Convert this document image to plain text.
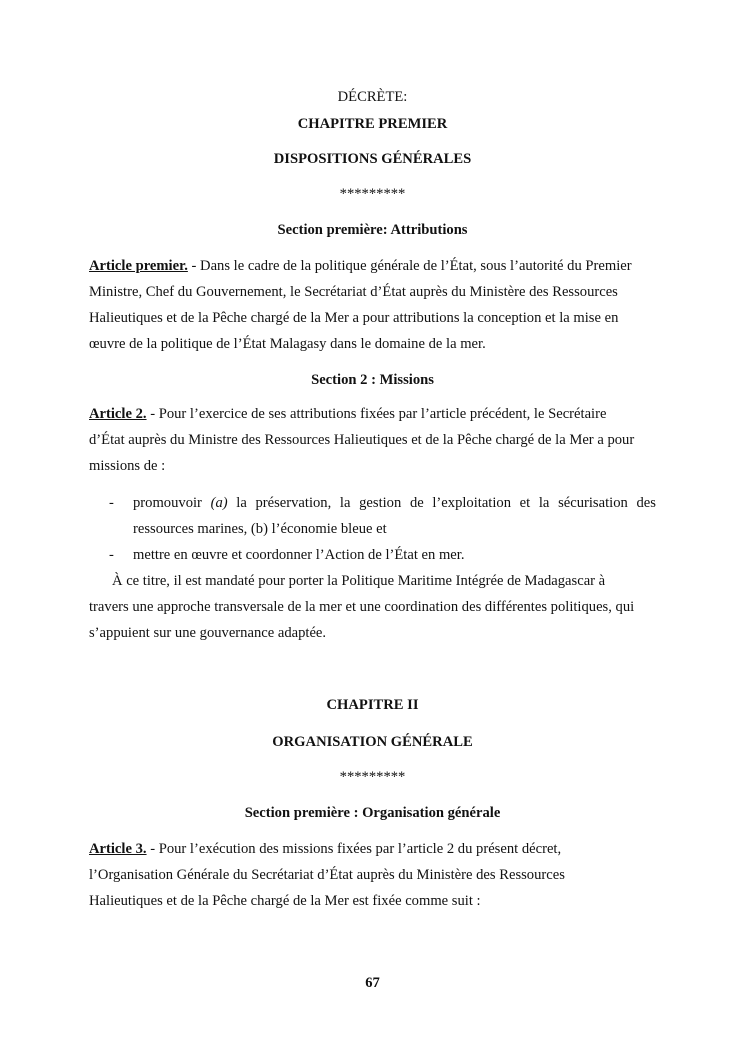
DÉCRÈTE:

CHAPITRE PREMIER

DISPOSITIONS GÉNÉRALES

*********

Section première: Attributions

Article premier. - Dans le cadre de la politique générale de l’État, sous l’autorité du Premier

Ministre, Chef du Gouvernement, le Secrétariat d’État auprès du Ministère des Ressources

Halieutiques et de la Pêche chargé de la Mer a pour attributions la conception et la mise en

œuvre de la politique de l’État Malagasy dans le domaine de la mer.

Section 2 : Missions

Article 2. - Pour l’exercice de ses attributions fixées par l’article précédent, le Secrétaire

d’État auprès du Ministre des Ressources Halieutiques et de la Pêche chargé de la Mer a pour

missions de :

- promouvoir (a) la préservation, la gestion de l’exploitation et la sécurisation des

ressources marines, (b) l’économie bleue et

- mettre en œuvre et coordonner l’Action de l’État en mer.

À ce titre, il est mandaté pour porter la Politique Maritime Intégrée de Madagascar à

travers une approche transversale de la mer et une coordination des différentes politiques, qui

s’appuient sur une gouvernance adaptée.

CHAPITRE II

ORGANISATION GÉNÉRALE

*********

Section première : Organisation générale

Article 3. - Pour l’exécution des missions fixées par l’article 2 du présent décret,

l’Organisation Générale du Secrétariat d’État auprès du Ministère des Ressources

Halieutiques et de la Pêche chargé de la Mer est fixée comme suit :

67
